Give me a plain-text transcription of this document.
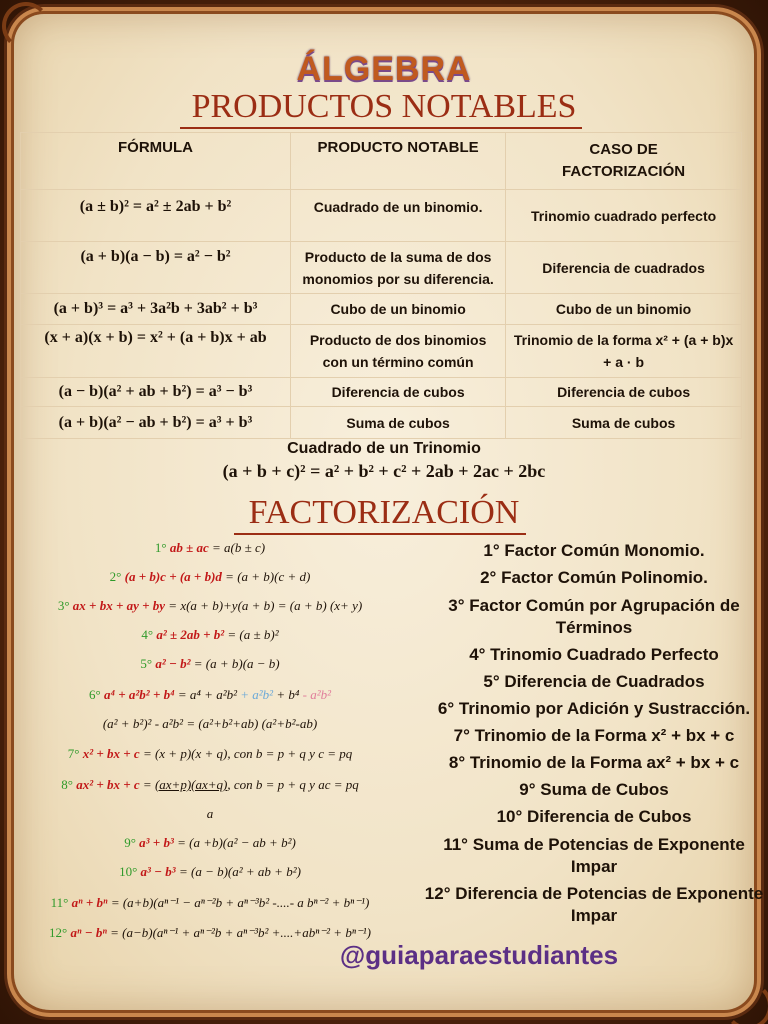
ÁLGEBRA
PRODUCTOS NOTABLES
FÓRMULA	PRODUCTO NOTABLE	CASO DE FACTORIZACIÓN
(a ± b)² = a² ± 2ab + b²	Cuadrado de un binomio.	Trinomio cuadrado perfecto
(a + b)(a − b) = a² − b²	Producto de la suma de dos monomios por su diferencia.	Diferencia de cuadrados
(a + b)³ = a³ + 3a²b + 3ab² + b³	Cubo de un binomio	Cubo de un binomio
(x + a)(x + b) = x² + (a + b)x + ab	Producto de dos binomios con un término común	Trinomio de la forma x² + (a + b)x + a · b
(a − b)(a² + ab + b²) = a³ − b³	Diferencia de cubos	Diferencia de cubos
(a + b)(a² − ab + b²) = a³ + b³	Suma de cubos	Suma de cubos
Cuadrado de un Trinomio
(a + b + c)² = a² + b² + c² + 2ab + 2ac + 2bc
FACTORIZACIÓN
1° ab ± ac = a(b ± c)
2° (a + b)c + (a + b)d = (a + b)(c + d)
3° ax + bx + ay + by = x(a + b)+y(a + b) = (a + b) (x+ y)
4° a² ± 2ab + b² = (a ± b)²
5° a² − b² = (a + b)(a − b)
6° a⁴ + a²b² + b⁴ = a⁴ + a²b² + a²b² + b⁴ - a²b²
(a² + b²)² - a²b² = (a²+b²+ab) (a²+b²-ab)
7° x² + bx + c = (x + p)(x + q), con b = p + q y c = pq
8° ax² + bx + c = (ax+p)(ax+q), con b = p + q y ac = pq
a
9° a³ + b³ = (a +b)(a² − ab + b²)
10° a³ − b³ = (a − b)(a² + ab + b²)
11° aⁿ + bⁿ = (a+b)(aⁿ⁻¹ − aⁿ⁻²b + aⁿ⁻³b² -....- a bⁿ⁻² + bⁿ⁻¹)
12° aⁿ − bⁿ = (a−b)(aⁿ⁻¹ + aⁿ⁻²b + aⁿ⁻³b² +....+abⁿ⁻² + bⁿ⁻¹)
1° Factor Común Monomio.
2° Factor Común Polinomio.
3° Factor Común por Agrupación de Términos
4° Trinomio Cuadrado Perfecto
5° Diferencia de Cuadrados
6° Trinomio por Adición y Sustracción.
7° Trinomio de la Forma x² + bx + c
8° Trinomio de la Forma ax² + bx + c
9° Suma de Cubos
10° Diferencia de Cubos
11° Suma de Potencias de Exponente Impar
12° Diferencia de Potencias de Exponente Impar
@guiaparaestudiantes
